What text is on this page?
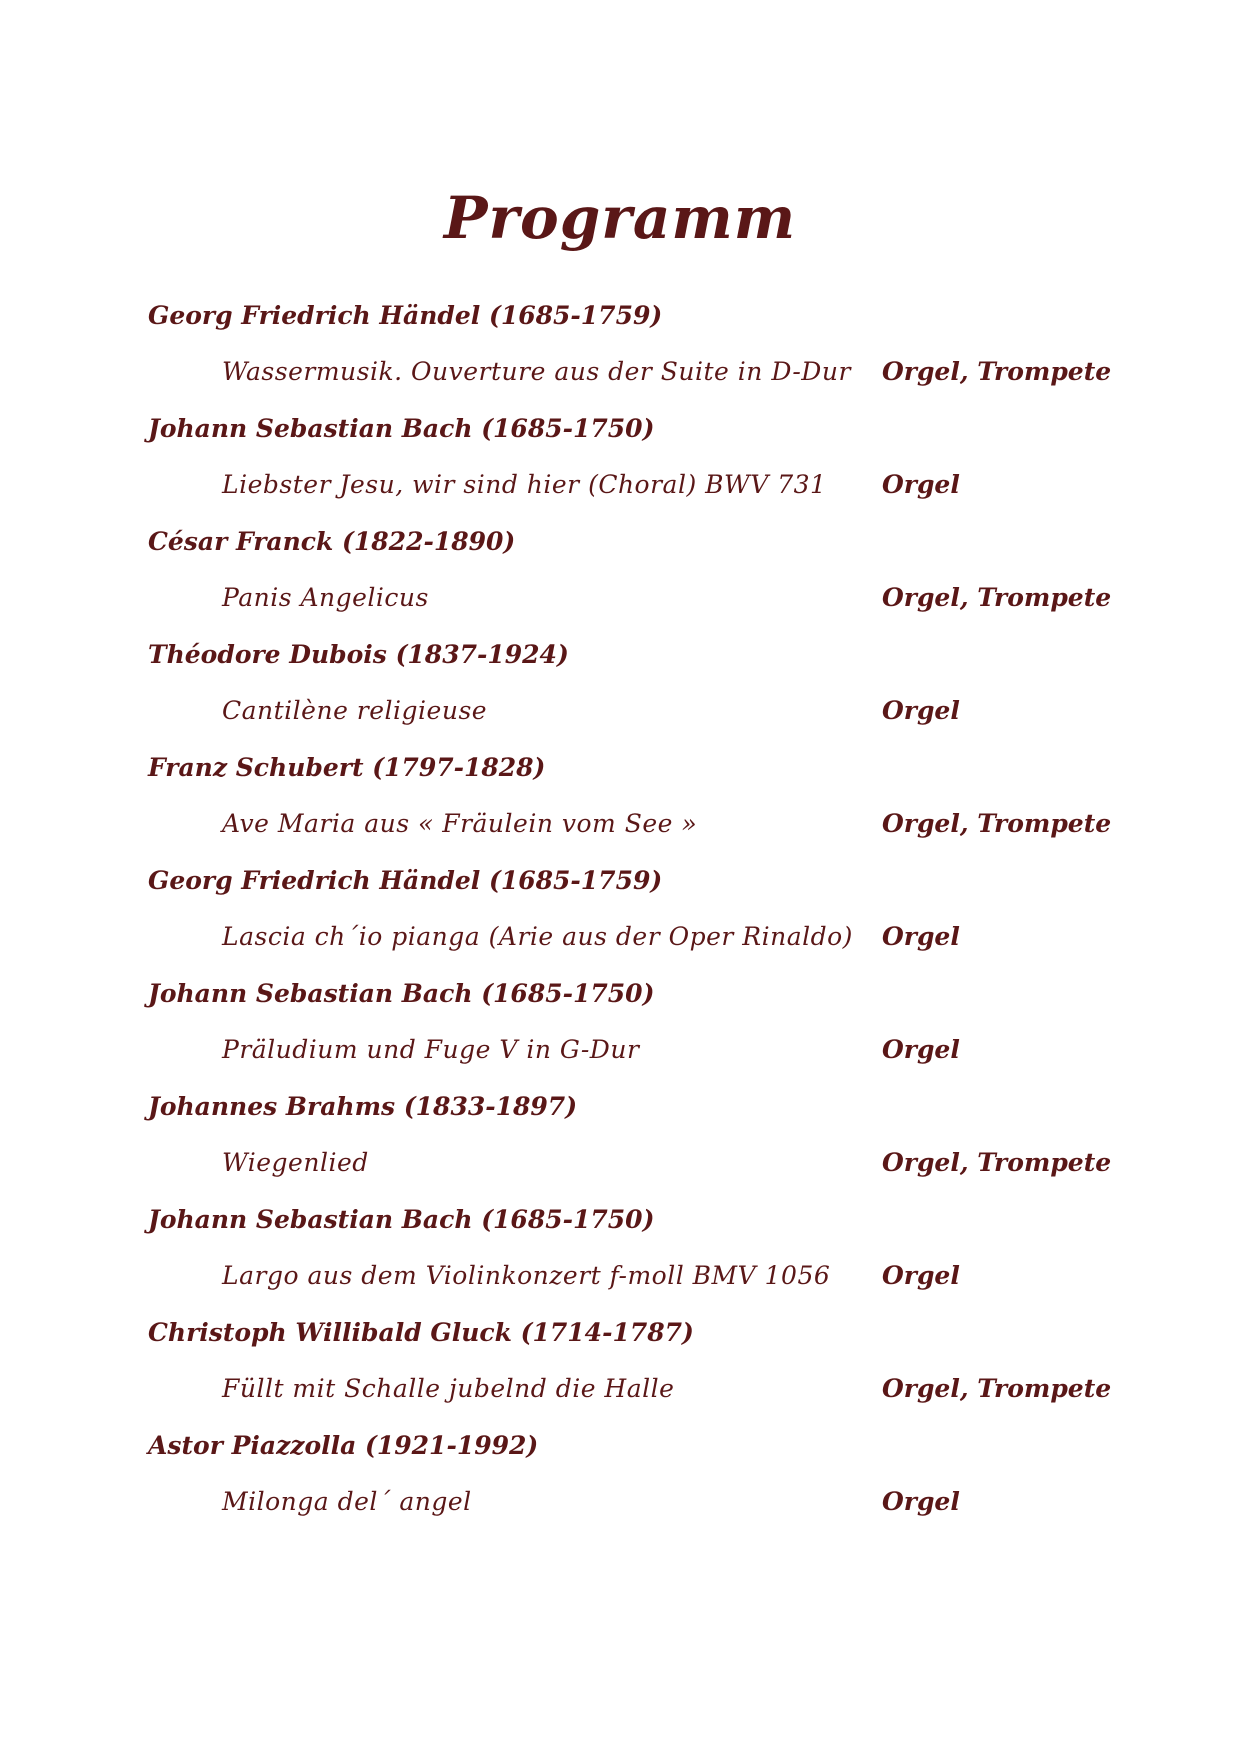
Programm
Georg Friedrich Händel (1685-1759)
Wassermusik. Ouverture aus der Suite in D-Dur Orgel, Trompete
Johann Sebastian Bach (1685-1750)
Liebster Jesu, wir sind hier (Choral) BWV 731 Orgel
César Franck (1822-1890)
Panis Angelicus	Orgel, Trompete
Théodore Dubois (1837-1924)
Cantilène religieuse	Orgel
Franz Schubert (1797-1828)
Ave Maria aus « Fräulein vom See »	Orgel, Trompete
Georg Friedrich Händel (1685-1759)
Lascia ch´io pianga (Arie aus der Oper Rinaldo) Orgel
Johann Sebastian Bach (1685-1750)
Präludium und Fuge V in G-Dur	Orgel
Johannes Brahms (1833-1897)
Wiegenlied	Orgel, Trompete
Johann Sebastian Bach (1685-1750)
Largo aus dem Violinkonzert f-moll BMV 1056 Orgel
Christoph Willibald Gluck (1714-1787)
Füllt mit Schalle jubelnd die Halle	Orgel, Trompete
Astor Piazzolla (1921-1992)
Milonga del´ angel	Orgel
